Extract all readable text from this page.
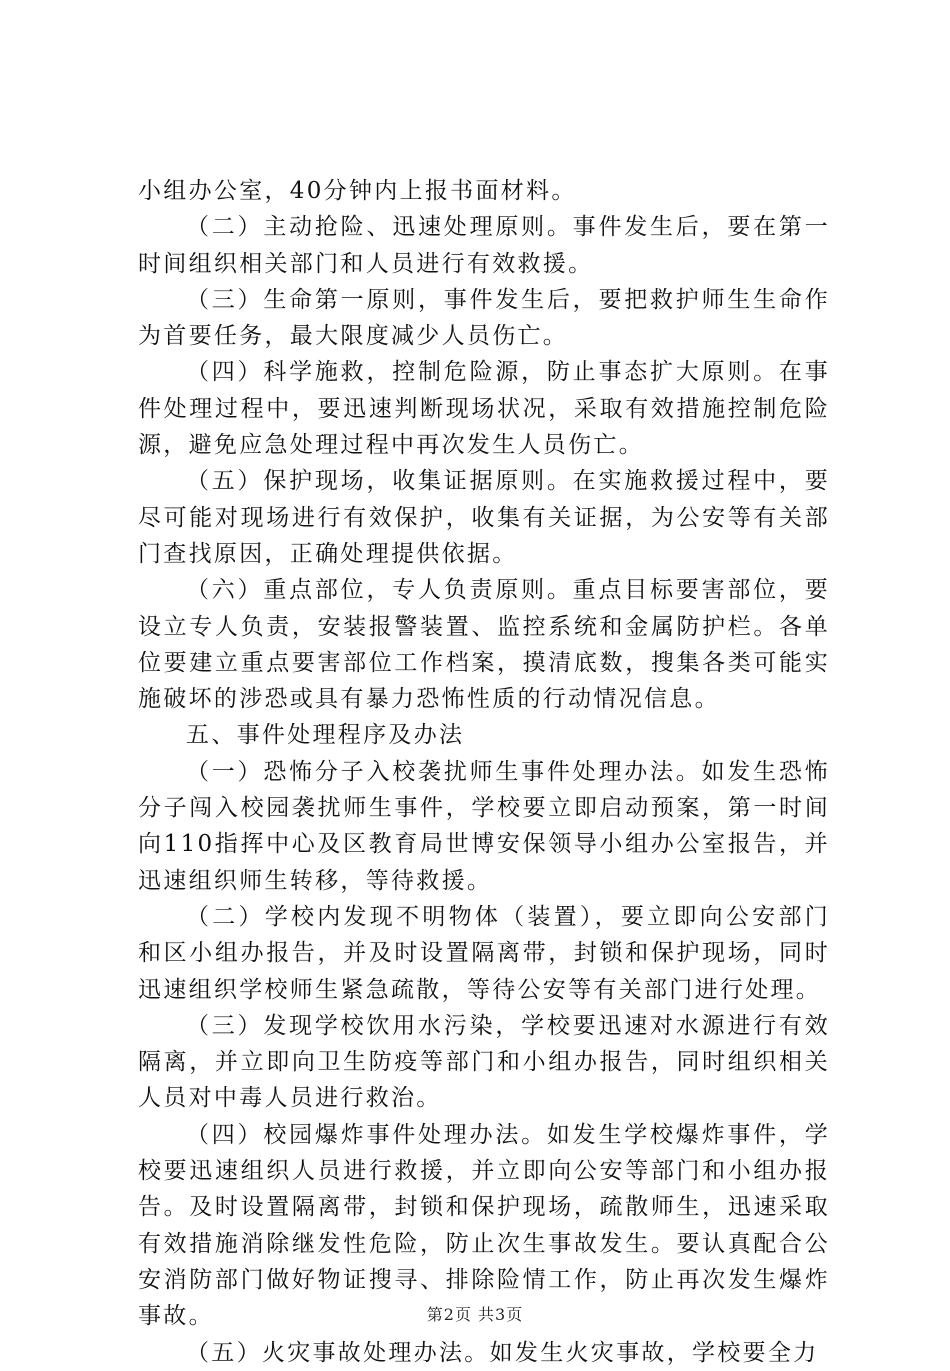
小组办公室，40分钟内上报书面材料。

（二）主动抢险、迅速处理原则。事件发生后，要在第一时间组织相关部门和人员进行有效救援。

（三）生命第一原则，事件发生后，要把救护师生生命作为首要任务，最大限度减少人员伤亡。

（四）科学施救，控制危险源，防止事态扩大原则。在事件处理过程中，要迅速判断现场状况，采取有效措施控制危险源，避免应急处理过程中再次发生人员伤亡。

（五）保护现场，收集证据原则。在实施救援过程中，要尽可能对现场进行有效保护，收集有关证据，为公安等有关部门查找原因，正确处理提供依据。

（六）重点部位，专人负责原则。重点目标要害部位，要设立专人负责，安装报警装置、监控系统和金属防护栏。各单位要建立重点要害部位工作档案，摸清底数，搜集各类可能实施破坏的涉恐或具有暴力恐怖性质的行动情况信息。

五、事件处理程序及办法

（一）恐怖分子入校袭扰师生事件处理办法。如发生恐怖分子闯入校园袭扰师生事件，学校要立即启动预案，第一时间向110指挥中心及区教育局世博安保领导小组办公室报告，并迅速组织师生转移，等待救援。

（二）学校内发现不明物体（装置），要立即向公安部门和区小组办报告，并及时设置隔离带，封锁和保护现场，同时迅速组织学校师生紧急疏散，等待公安等有关部门进行处理。

（三）发现学校饮用水污染，学校要迅速对水源进行有效隔离，并立即向卫生防疫等部门和小组办报告，同时组织相关人员对中毒人员进行救治。

（四）校园爆炸事件处理办法。如发生学校爆炸事件，学校要迅速组织人员进行救援，并立即向公安等部门和小组办报告。及时设置隔离带，封锁和保护现场，疏散师生，迅速采取有效措施消除继发性危险，防止次生事故发生。要认真配合公安消防部门做好物证搜寻、排除险情工作，防止再次发生爆炸事故。

（五）火灾事故处理办法。如发生火灾事故，学校要全力

第2页 共3页
